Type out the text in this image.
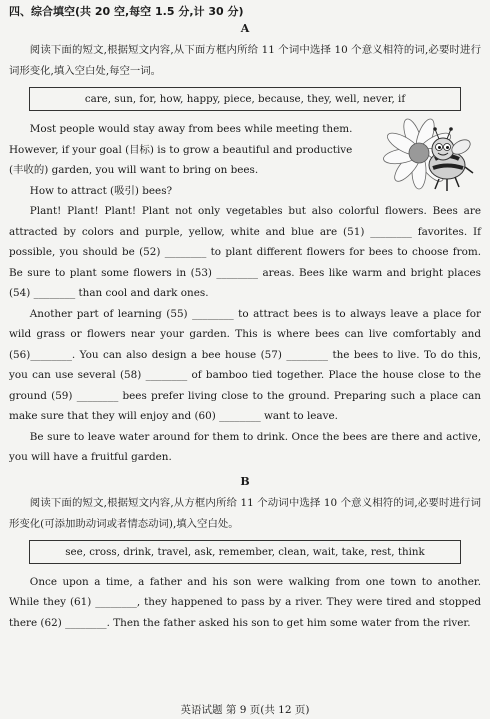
四、综合填空(共 20 空,每空 1.5 分,计 30 分)
A

阅读下面的短文,根据短文内容,从下面方框内所给 11 个词中选择 10 个意义相符的词,必要时进行词形变化,填入空白处,每空一词。

care, sun, for, how, happy, piece, because, they, well, never, if

Most people would stay away from bees while meeting them.

However, if your goal (目标) is to grow a beautiful and productive

(丰收的) garden, you will want to bring on bees.

How to attract (吸引) bees?

Plant! Plant! Plant! Plant not only vegetables but also colorful flowers. Bees are attracted by colors and purple, yellow, white and blue are (51) ________ favorites. If possible, you should be (52) ________ to plant different flowers for bees to choose from. Be sure to plant some flowers in (53) ________ areas. Bees like warm and bright places (54) ________ than cool and dark ones.

Another part of learning (55) ________ to attract bees is to always leave a place for wild grass or flowers near your garden. This is where bees can live comfortably and (56)________. You can also design a bee house (57) ________ the bees to live. To do this, you can use several (58) ________ of bamboo tied together. Place the house close to the ground (59) ________ bees prefer living close to the ground. Preparing such a place can make sure that they will enjoy and (60) ________ want to leave.

Be sure to leave water around for them to drink. Once the bees are there and active, you will have a fruitful garden.

B

阅读下面的短文,根据短文内容,从方框内所给 11 个动词中选择 10 个意义相符的词,必要时进行词形变化(可添加助动词或者情态动词),填入空白处。

see, cross, drink, travel, ask, remember, clean, wait, take, rest, think

Once upon a time, a father and his son were walking from one town to another. While they (61) ________, they happened to pass by a river. They were tired and stopped there (62) ________. Then the father asked his son to get him some water from the river.

英语试题 第 9 页(共 12 页)
